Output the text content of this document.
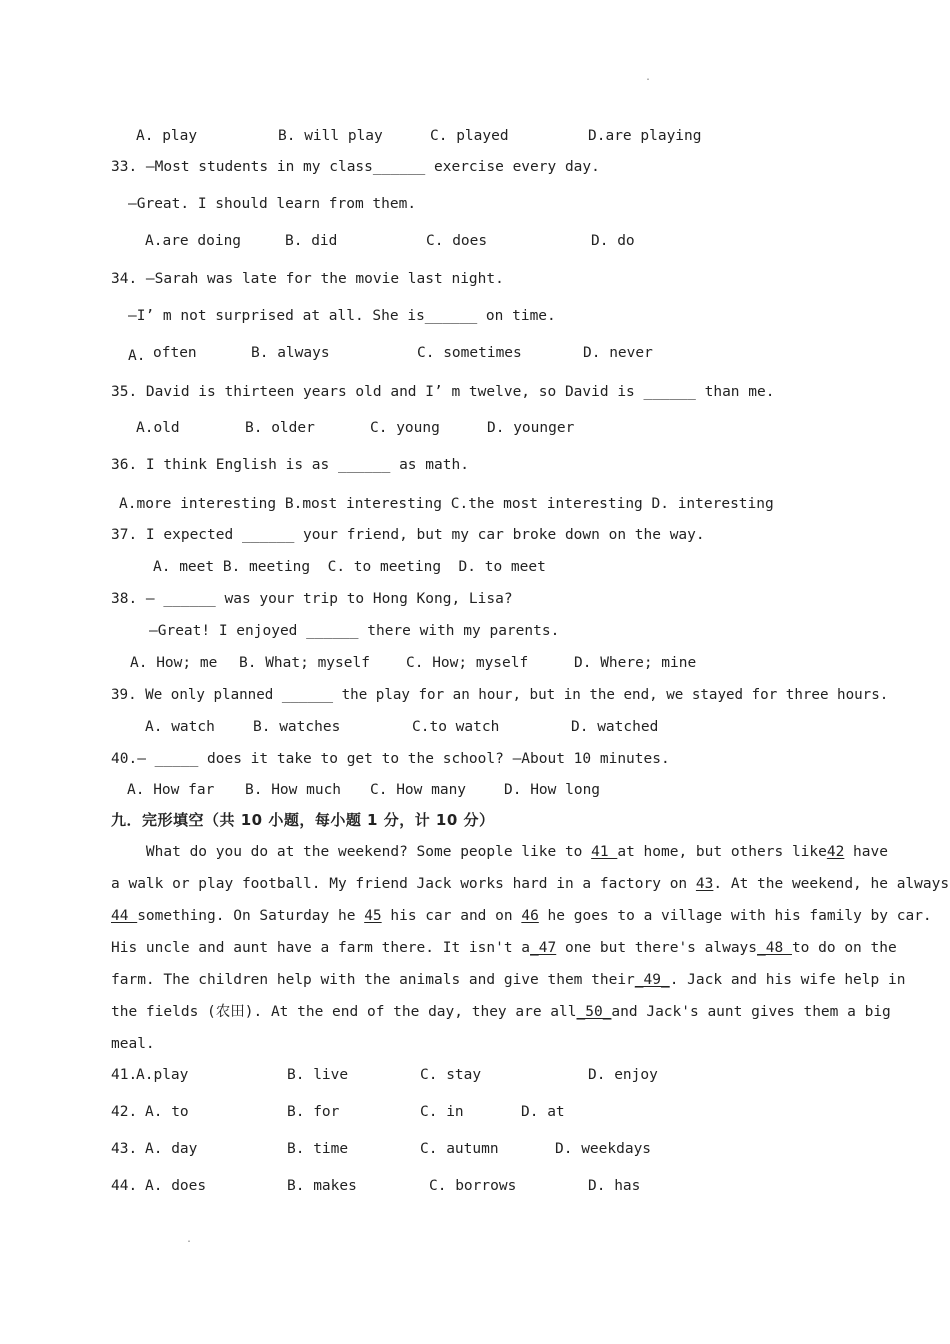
.
A. play	B. will play	C. played	D.are playing
33. —Most students in my class______ exercise every day.
—Great. I should learn from them.
A.are doing	B. did	C. does	D. do
34. —Sarah was late for the movie last night.
—I’ m not surprised at all. She is______ on time.
A. often	B. always	C. sometimes	D. never
35. David is thirteen years old and I’ m twelve, so David is ______ than me.
A.old	B. older	C. young	D. younger
36. I think English is as ______ as math.
A.more interesting B.most interesting C.the most interesting D. interesting
37. I expected ______ your friend, but my car broke down on the way.
A. meet B. meeting  C. to meeting  D. to meet
38. — ______ was your trip to Hong Kong, Lisa?
—Great! I enjoyed ______ there with my parents.
A. How; me B. What; myself C. How; myself	D. Where; mine
39. We only planned ______ the play for an hour, but in the end, we stayed for three hours.
A. watch	B. watches	C.to watch	D. watched
40.— _____ does it take to get to the school? —About 10 minutes.
A. How far B. How much C. How many	D. How long
九．完形填空（共 10 小题，每小题 1 分，计 10 分）
What do you do at the weekend? Some people like to 41 at home, but others like42 have
a walk or play football. My friend Jack works hard in a factory on 43. At the weekend, he always
44 something. On Saturday he 45 his car and on 46 he goes to a village with his family by car.
His uncle and aunt have a farm there. It isn't a_47 one but there's always_48 to do on the
farm. The children help with the animals and give them their_49_. Jack and his wife help in
the fields (农田). At the end of the day, they are all_50_and Jack's aunt gives them a big
meal.
41.
A.play	B. live	C. stay	D. enjoy
42. A. to	B. for	C. in	D. at
43. A. day	B. time	C. autumn	D. weekdays
44. A. does	B. makes	C. borrows	D. has
.
